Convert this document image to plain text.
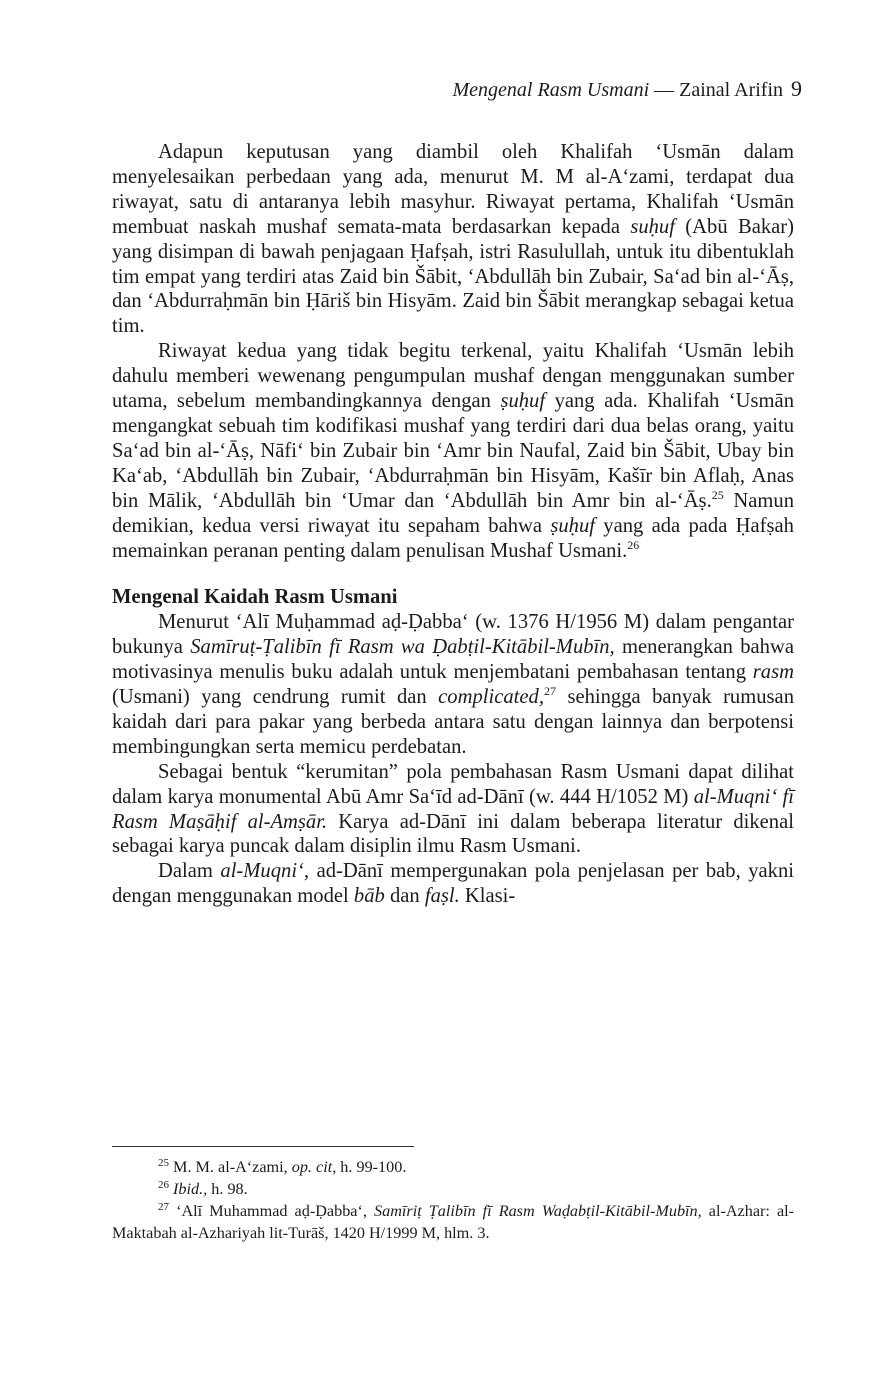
Mengenal Rasm Usmani — Zainal Arifin 9

Adapun keputusan yang diambil oleh Khalifah ‘Usmān dalam menyelesaikan perbedaan yang ada, menurut M. M al-A‘zami, terdapat dua riwayat, satu di antaranya lebih masyhur. Riwayat pertama, Khalifah ‘Usmān membuat naskah mushaf semata-mata berdasarkan kepada suḥuf (Abū Bakar) yang disimpan di bawah penjagaan Ḥafṣah, istri Rasulullah, untuk itu dibentuklah tim empat yang terdiri atas Zaid bin Šābit, ‘Abdullāh bin Zubair, Sa‘ad bin al-‘Āṣ, dan ‘Abdurraḥmān bin Ḥāriš bin Hisyām. Zaid bin Šābit merangkap sebagai ketua tim.

Riwayat kedua yang tidak begitu terkenal, yaitu Khalifah ‘Usmān lebih dahulu memberi wewenang pengumpulan mushaf dengan menggunakan sumber utama, sebelum membandingkannya dengan ṣuḥuf yang ada. Khalifah ‘Usmān mengangkat sebuah tim kodifikasi mushaf yang terdiri dari dua belas orang, yaitu Sa‘ad bin al-‘Āṣ, Nāfi‘ bin Zubair bin ‘Amr bin Naufal, Zaid bin Šābit, Ubay bin Ka‘ab, ‘Abdullāh bin Zubair, ‘Abdurraḥmān bin Hisyām, Kašīr bin Aflaḥ, Anas bin Mālik, ‘Abdullāh bin ‘Umar dan ‘Abdullāh bin Amr bin al-‘Āṣ.$^{25}$ Namun demikian, kedua versi riwayat itu sepaham bahwa ṣuḥuf yang ada pada Ḥafṣah memainkan peranan penting dalam penulisan Mushaf Usmani.$^{26}$

Mengenal Kaidah Rasm Usmani

Menurut ‘Alī Muḥammad aḍ-Ḍabba‘ (w. 1376 H/1956 M) dalam pengantar bukunya Samīruṭ-Ṭalibīn fī Rasm wa Ḍabṭil-Kitābil-Mubīn, menerangkan bahwa motivasinya menulis buku adalah untuk menjembatani pembahasan tentang rasm (Usmani) yang cendrung rumit dan complicated,$^{27}$ sehingga banyak rumusan kaidah dari para pakar yang berbeda antara satu dengan lainnya dan berpotensi membingungkan serta memicu perdebatan.

Sebagai bentuk “kerumitan” pola pembahasan Rasm Usmani dapat dilihat dalam karya monumental Abū Amr Sa‘īd ad-Dānī (w. 444 H/1052 M) al-Muqni‘ fī Rasm Maṣāḥif al-Amṣār. Karya ad-Dānī ini dalam beberapa literatur dikenal sebagai karya puncak dalam disiplin ilmu Rasm Usmani.

Dalam al-Muqni‘, ad-Dānī mempergunakan pola penjelasan per bab, yakni dengan menggunakan model bāb dan faṣl. Klasi-

$^{25}$ M. M. al-A‘zami, op. cit, h. 99-100.

$^{26}$ Ibid., h. 98.

$^{27}$ ‘Alī Muhammad aḍ-Ḍabba‘, Samīriṭ Ṭalibīn fī Rasm Waḍabṭil-Kitābil-Mubīn, al-Azhar: al-Maktabah al-Azhariyah lit-Turāš, 1420 H/1999 M, hlm. 3.
